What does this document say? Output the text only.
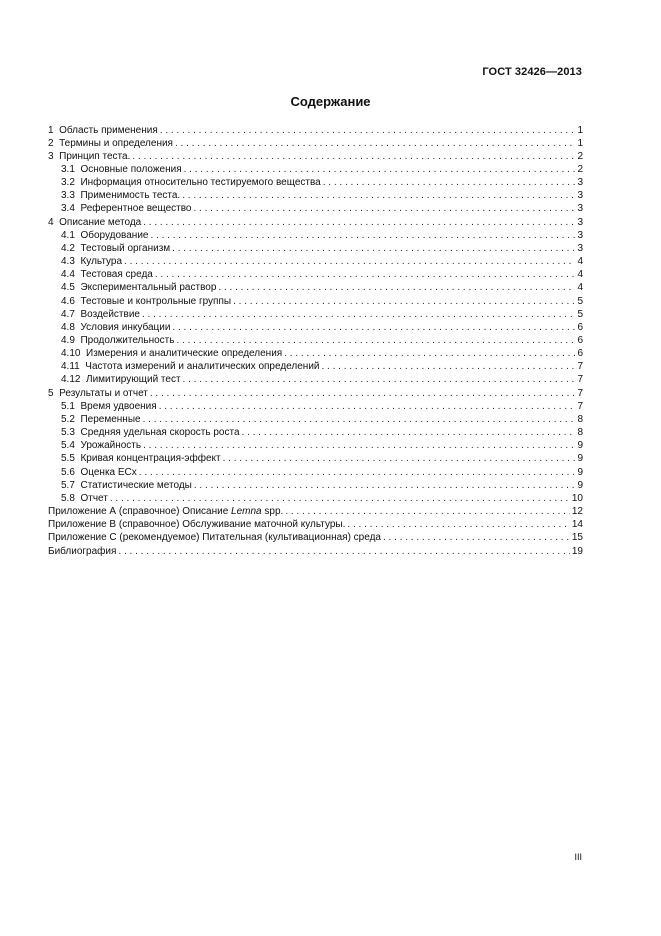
ГОСТ 32426—2013
Содержание
1 Область применения . . .	1
2 Термины и определения . . .	1
3 Принцип теста. . . .	2
3.1 Основные положения . . .	2
3.2 Информация относительно тестируемого вещества . . .	3
3.3 Применимость теста. . . .	3
3.4 Референтное вещество . . .	3
4 Описание метода . . .	3
4.1 Оборудование . . .	3
4.2 Тестовый организм . . .	3
4.3 Культура . . .	4
4.4 Тестовая среда . . .	4
4.5 Экспериментальный раствор . . .	4
4.6 Тестовые и контрольные группы . . .	5
4.7 Воздействие . . .	5
4.8 Условия инкубации . . .	6
4.9 Продолжительность . . .	6
4.10 Измерения и аналитические определения . . .	6
4.11 Частота измерений и аналитических определений . . .	7
4.12 Лимитирующий тест . . .	7
5 Результаты и отчет . . .	7
5.1 Время удвоения . . .	7
5.2 Переменные . . .	8
5.3 Средняя удельная скорость роста . . .	8
5.4 Урожайность . . .	9
5.5 Кривая концентрация-эффект . . .	9
5.6 Оценка ECx . . .	9
5.7 Статистические методы . . .	9
5.8 Отчет . . .	10
Приложение А (справочное) Описание Lemna spp. . . .	12
Приложение В (справочное) Обслуживание маточной культуры. . . .	14
Приложение С (рекомендуемое) Питательная (культивационная) среда . . .	15
Библиография . . .	19
III
